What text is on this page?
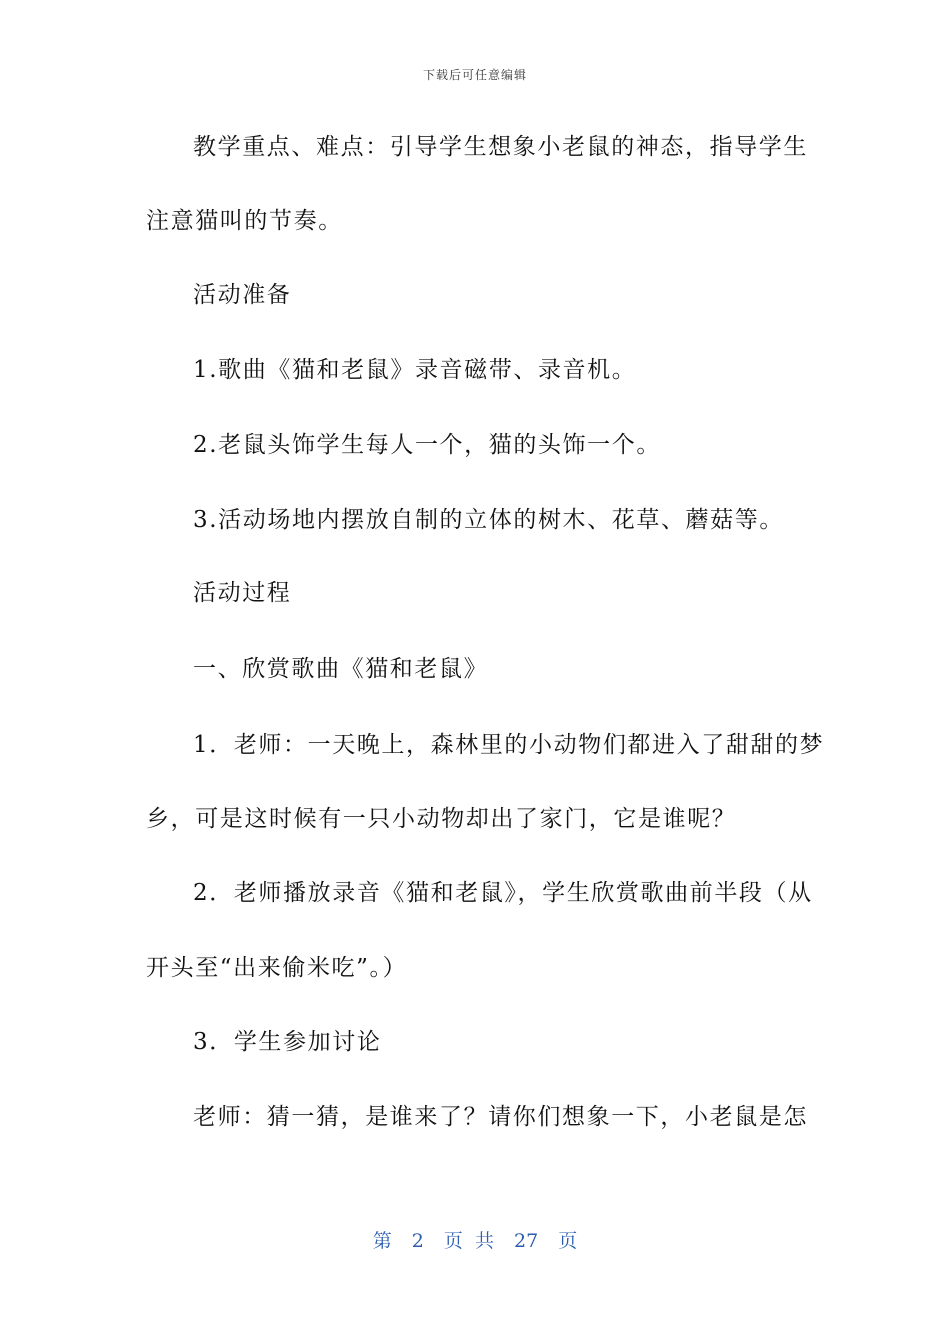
下载后可任意编辑
教学重点、难点：引导学生想象小老鼠的神态，指导学生
注意猫叫的节奏。
活动准备
1.歌曲《猫和老鼠》录音磁带、录音机。
2.老鼠头饰学生每人一个，猫的头饰一个。
3.活动场地内摆放自制的立体的树木、花草、蘑菇等。
活动过程
一、欣赏歌曲《猫和老鼠》
1．老师：一天晚上，森林里的小动物们都进入了甜甜的梦
乡，可是这时候有一只小动物却出了家门，它是谁呢？
2．老师播放录音《猫和老鼠》，学生欣赏歌曲前半段（从
开头至“出来偷米吃”。）
3．学生参加讨论
老师：猜一猜，是谁来了？请你们想象一下，小老鼠是怎
第 2 页 共 27 页
